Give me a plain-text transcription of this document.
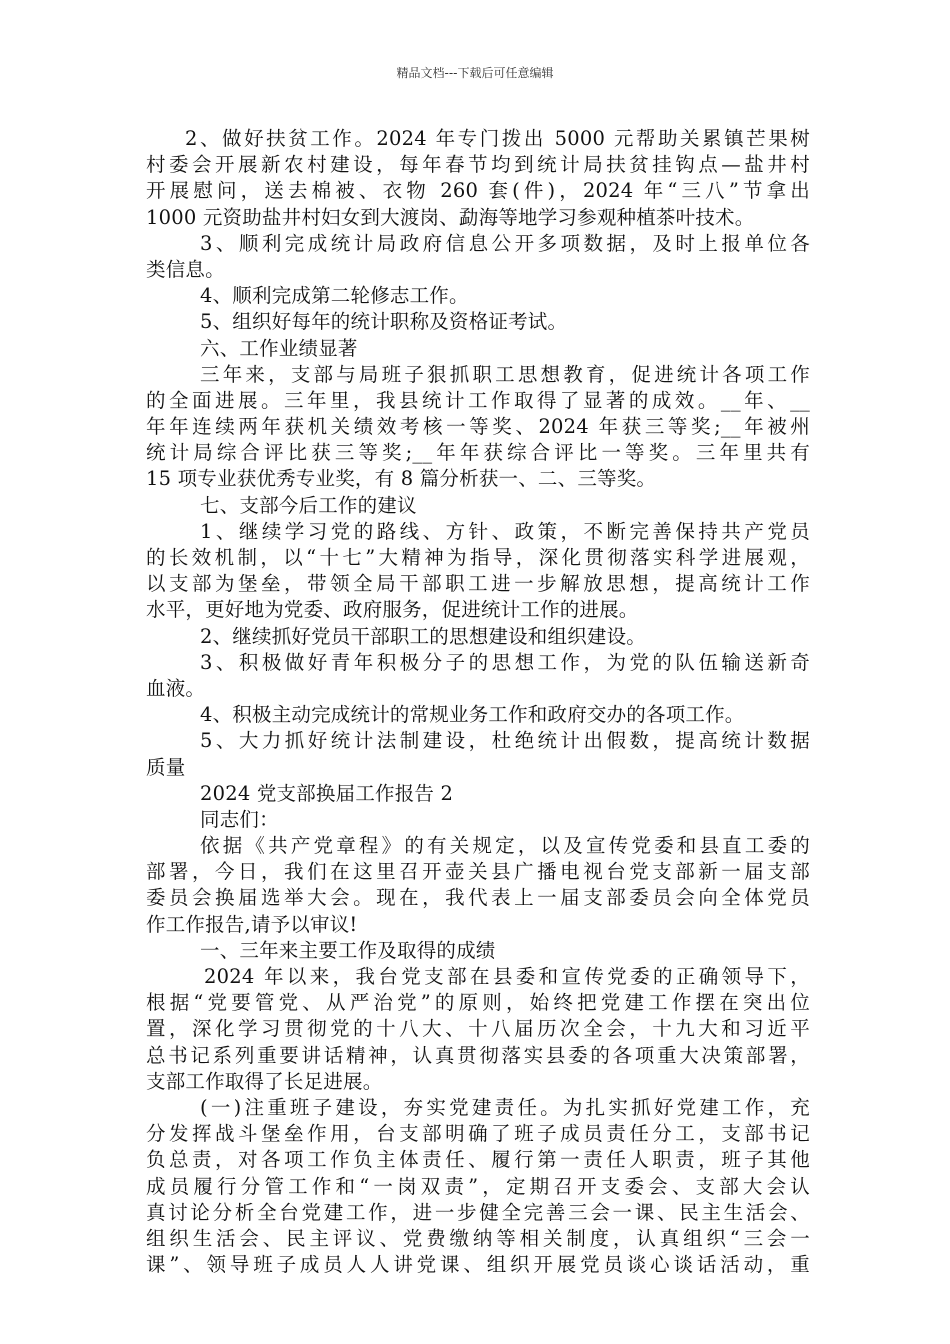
精品文档---下载后可任意编辑
2、做好扶贫工作。2024 年专门拨出 5000 元帮助关累镇芒果树
村委会开展新农村建设，每年春节均到统计局扶贫挂钩点—盐井村
开展慰问，送去棉被、衣物 260 套(件)，2024 年“三八”节拿出
1000 元资助盐井村妇女到大渡岗、勐海等地学习参观种植茶叶技术。
3、顺利完成统计局政府信息公开多项数据，及时上报单位各
类信息。
4、顺利完成第二轮修志工作。
5、组织好每年的统计职称及资格证考试。
六、工作业绩显著
三年来，支部与局班子狠抓职工思想教育，促进统计各项工作
的全面进展。三年里，我县统计工作取得了显著的成效。__年、__
年年连续两年获机关绩效考核一等奖、2024 年获三等奖;__年被州
统计局综合评比获三等奖;__年年获综合评比一等奖。三年里共有
15 项专业获优秀专业奖，有 8 篇分析获一、二、三等奖。
七、支部今后工作的建议
1、继续学习党的路线、方针、政策，不断完善保持共产党员
的长效机制，以“十七”大精神为指导，深化贯彻落实科学进展观，
以支部为堡垒，带领全局干部职工进一步解放思想，提高统计工作
水平，更好地为党委、政府服务，促进统计工作的进展。
2、继续抓好党员干部职工的思想建设和组织建设。
3、积极做好青年积极分子的思想工作，为党的队伍输送新奇
血液。
4、积极主动完成统计的常规业务工作和政府交办的各项工作。
5、大力抓好统计法制建设，杜绝统计出假数，提高统计数据
质量
2024 党支部换届工作报告 2
同志们：
依据《共产党章程》的有关规定，以及宣传党委和县直工委的
部署，今日，我们在这里召开壶关县广播电视台党支部新一届支部
委员会换届选举大会。现在，我代表上一届支部委员会向全体党员
作工作报告,请予以审议!
一、三年来主要工作及取得的成绩
2024 年以来，我台党支部在县委和宣传党委的正确领导下，
根据“党要管党、从严治党”的原则，始终把党建工作摆在突出位
置，深化学习贯彻党的十八大、十八届历次全会，十九大和习近平
总书记系列重要讲话精神，认真贯彻落实县委的各项重大决策部署，
支部工作取得了长足进展。
(一)注重班子建设，夯实党建责任。为扎实抓好党建工作，充
分发挥战斗堡垒作用，台支部明确了班子成员责任分工，支部书记
负总责，对各项工作负主体责任、履行第一责任人职责，班子其他
成员履行分管工作和“一岗双责”，定期召开支委会、支部大会认
真讨论分析全台党建工作，进一步健全完善三会一课、民主生活会、
组织生活会、民主评议、党费缴纳等相关制度，认真组织“三会一
课”、领导班子成员人人讲党课、组织开展党员谈心谈话活动，重
